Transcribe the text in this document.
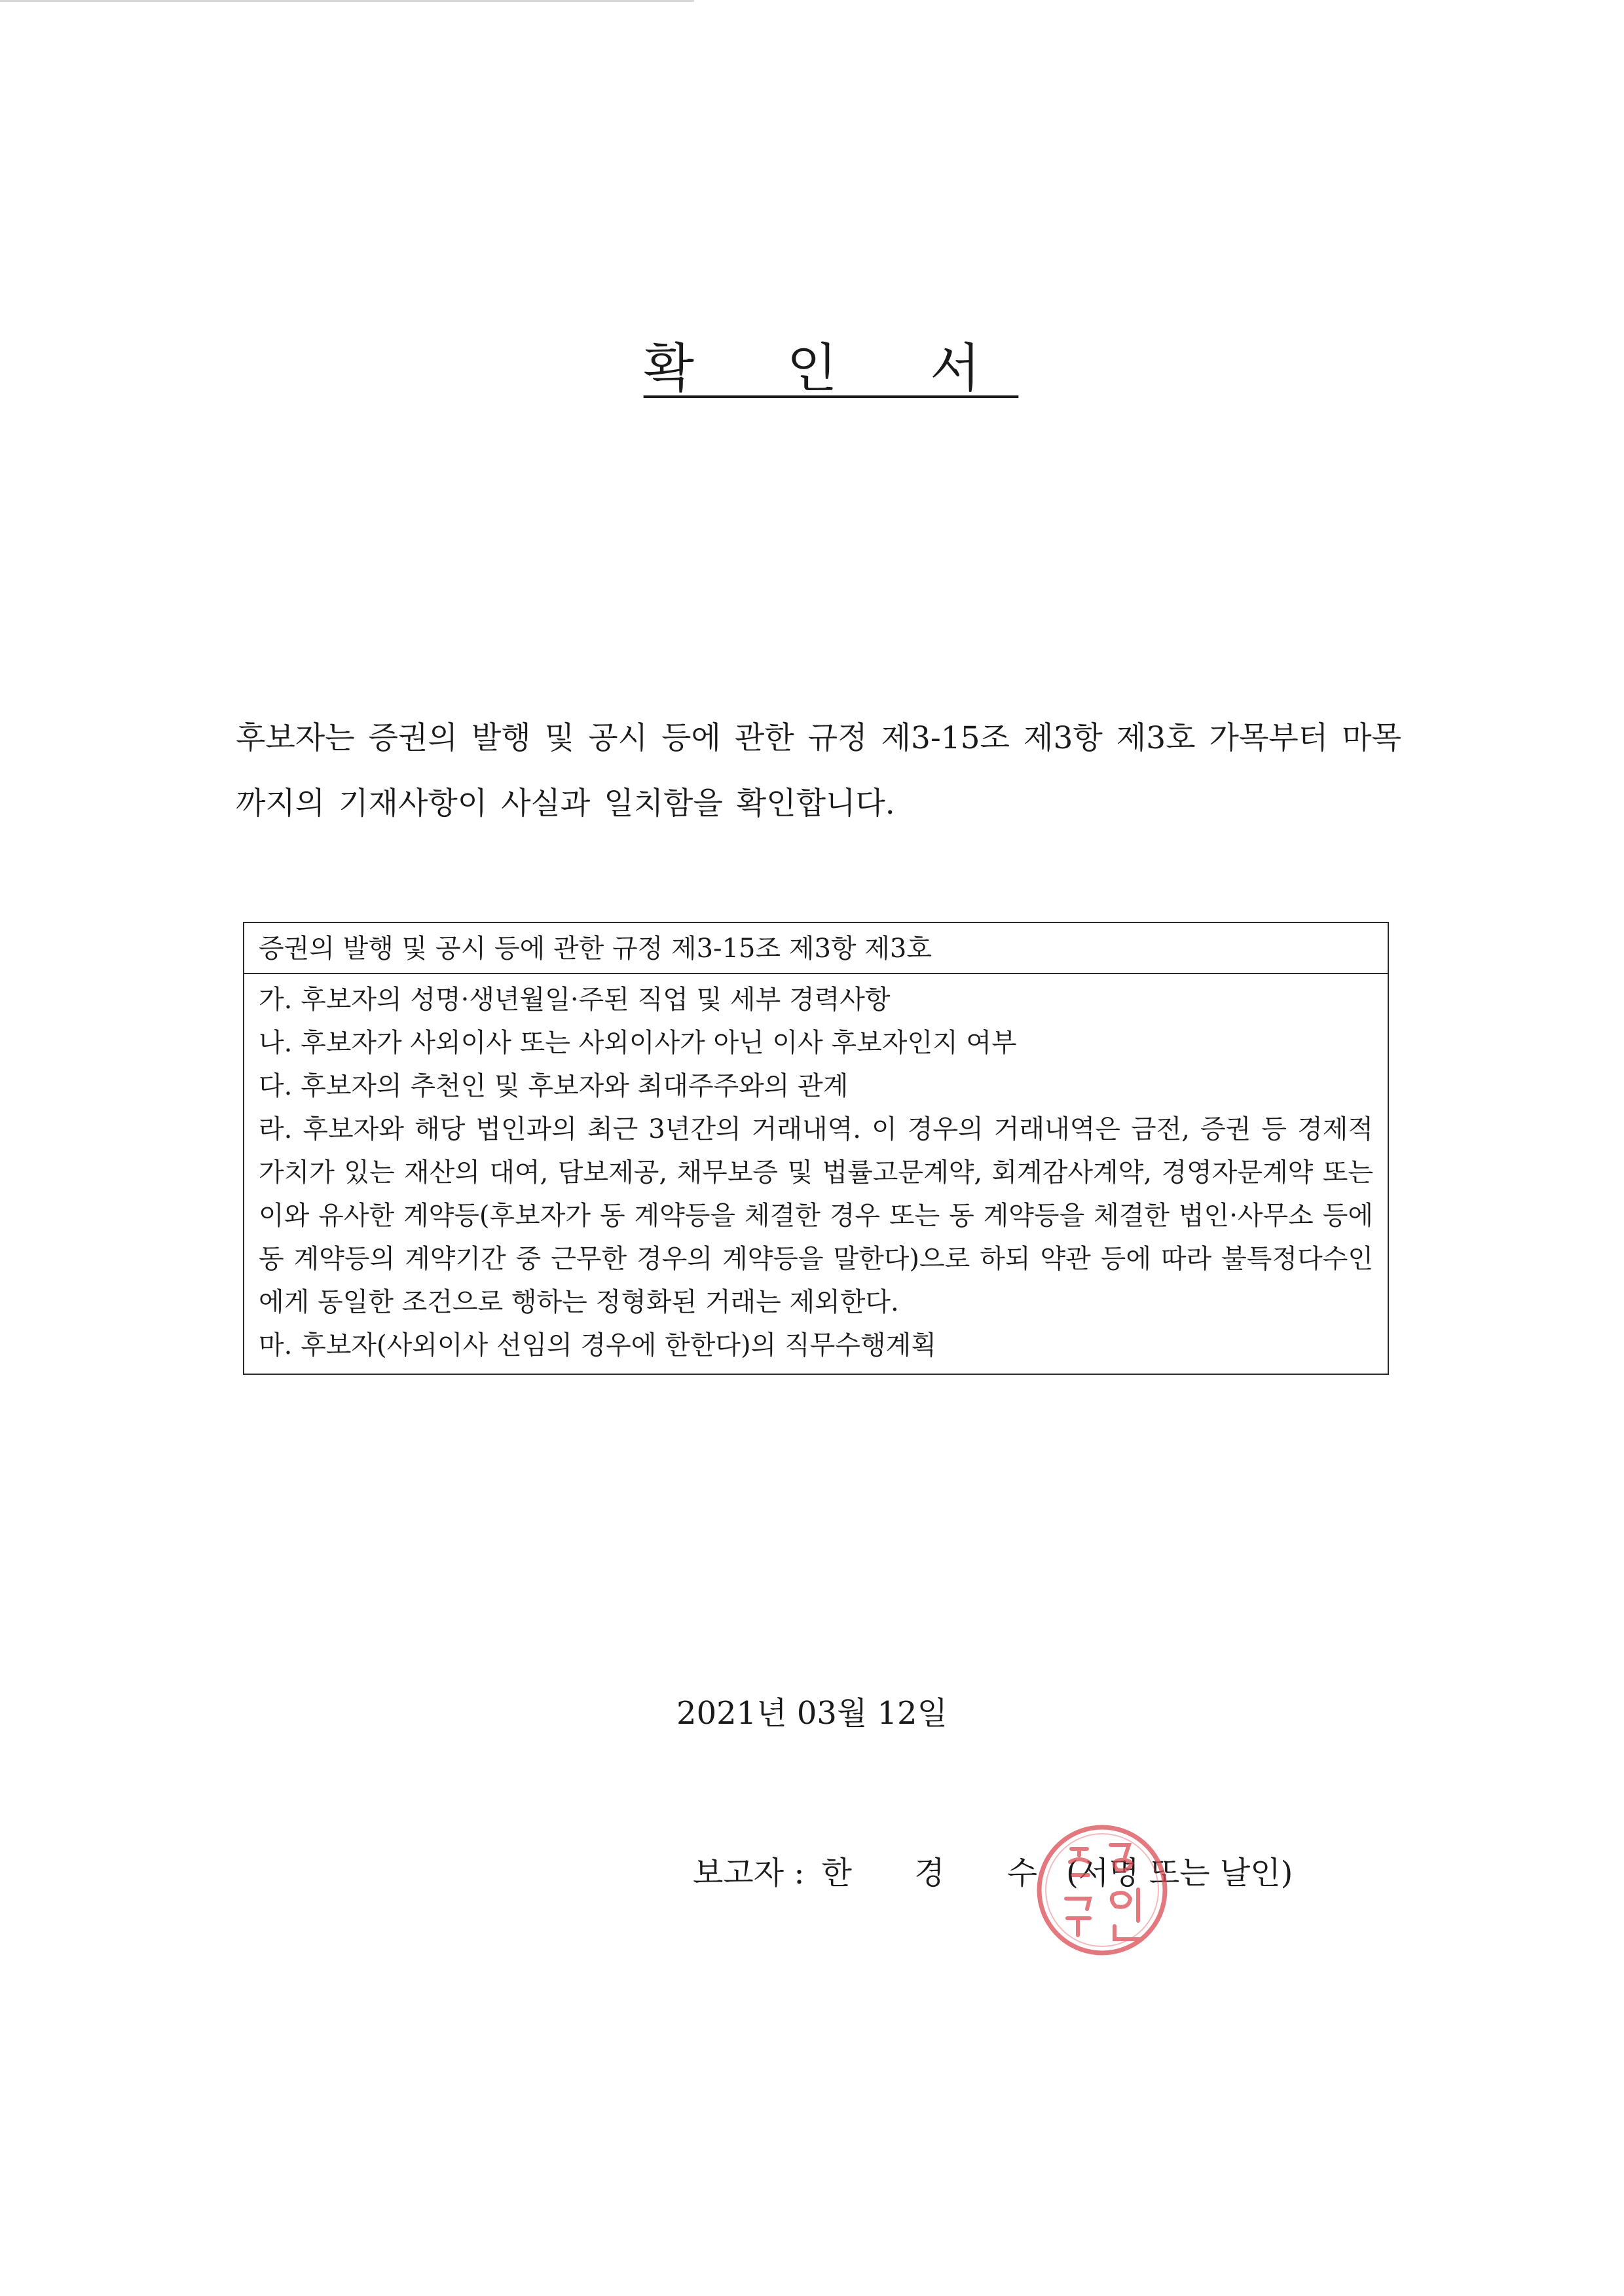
확 인 서
후보자는 증권의 발행 및 공시 등에 관한 규정 제3-15조 제3항 제3호 가목부터 마목까지의 기재사항이 사실과 일치함을 확인합니다.
증권의 발행 및 공시 등에 관한 규정 제3-15조 제3항 제3호
가. 후보자의 성명·생년월일·주된 직업 및 세부 경력사항
나. 후보자가 사외이사 또는 사외이사가 아닌 이사 후보자인지 여부
다. 후보자의 추천인 및 후보자와 최대주주와의 관계
라. 후보자와 해당 법인과의 최근 3년간의 거래내역. 이 경우의 거래내역은 금전, 증권 등 경제적 가치가 있는 재산의 대여, 담보제공, 채무보증 및 법률고문계약, 회계감사계약, 경영자문계약 또는 이와 유사한 계약등(후보자가 동 계약등을 체결한 경우 또는 동 계약등을 체결한 법인·사무소 등에 동 계약등의 계약기간 중 근무한 경우의 계약등을 말한다)으로 하되 약관 등에 따라 불특정다수인에게 동일한 조건으로 행하는 정형화된 거래는 제외한다.
마. 후보자(사외이사 선임의 경우에 한한다)의 직무수행계획
2021년 03월 12일
보고자 : 한 경 수(서명 또는 날인)
